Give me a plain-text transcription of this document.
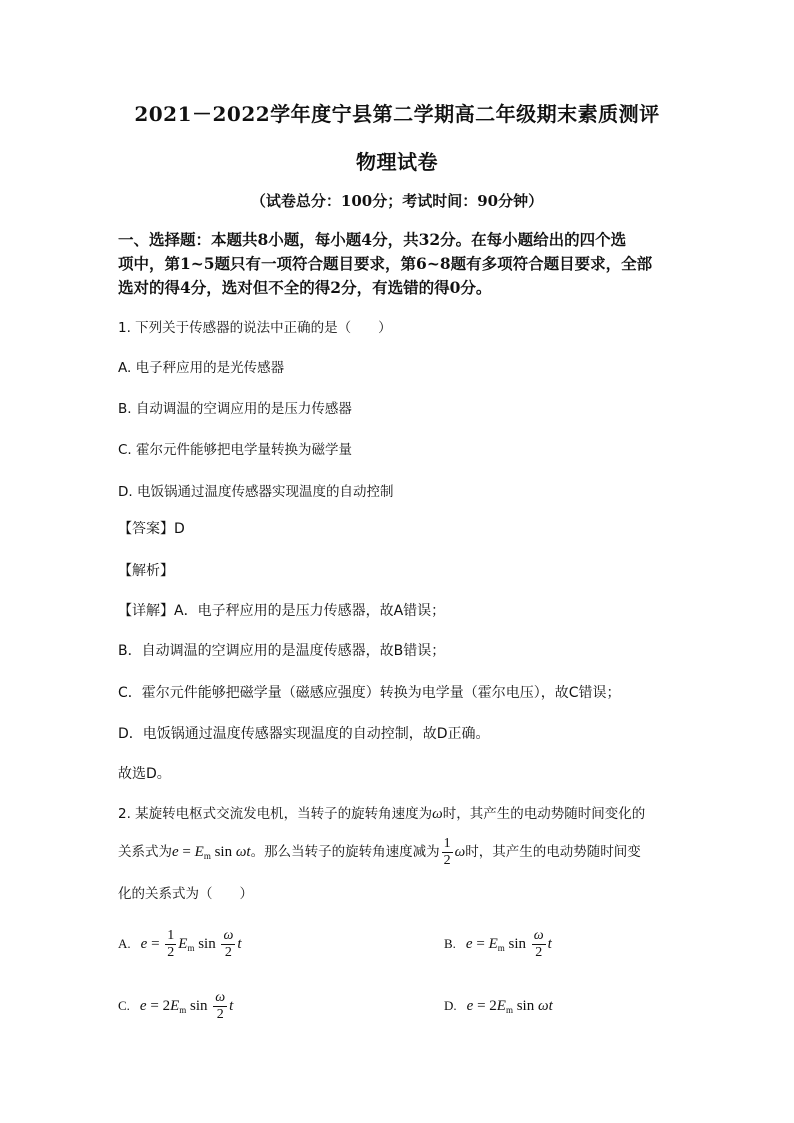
2021－2022学年度宁县第二学期高二年级期末素质测评
物理试卷
（试卷总分：100分；考试时间：90分钟）
一、选择题：本题共8小题，每小题4分，共32分。在每小题给出的四个选
项中，第1~5题只有一项符合题目要求，第6~8题有多项符合题目要求，全部
选对的得4分，选对但不全的得2分，有选错的得0分。
1. 下列关于传感器的说法中正确的是（　　）
A. 电子秤应用的是光传感器
B. 自动调温的空调应用的是压力传感器
C. 霍尔元件能够把电学量转换为磁学量
D. 电饭锅通过温度传感器实现温度的自动控制
【答案】D
【解析】
【详解】A．电子秤应用的是压力传感器，故A错误；
B．自动调温的空调应用的是温度传感器，故B错误；
C．霍尔元件能够把磁学量（磁感应强度）转换为电学量（霍尔电压），故C错误；
D．电饭锅通过温度传感器实现温度的自动控制，故D正确。
故选D。
2. 某旋转电枢式交流发电机，当转子的旋转角速度为ω时，其产生的电动势随时间变化的
关系式为$e = E_m$ sin ωt。那么当转子的旋转角速度减为 $\frac{1}{2}$ ω时，其产生的电动势随时间变
化的关系式为（　　）
A. $e = \frac{1}{2} E_m$ $\sin \frac{\omega}{2}$ t	B. $e = E_m$ $\sin \frac{\omega}{2}$ t
C. $e = 2E_m$ $\sin \frac{\omega}{2}$ t	D. $e = 2E_m$ sin ωt
